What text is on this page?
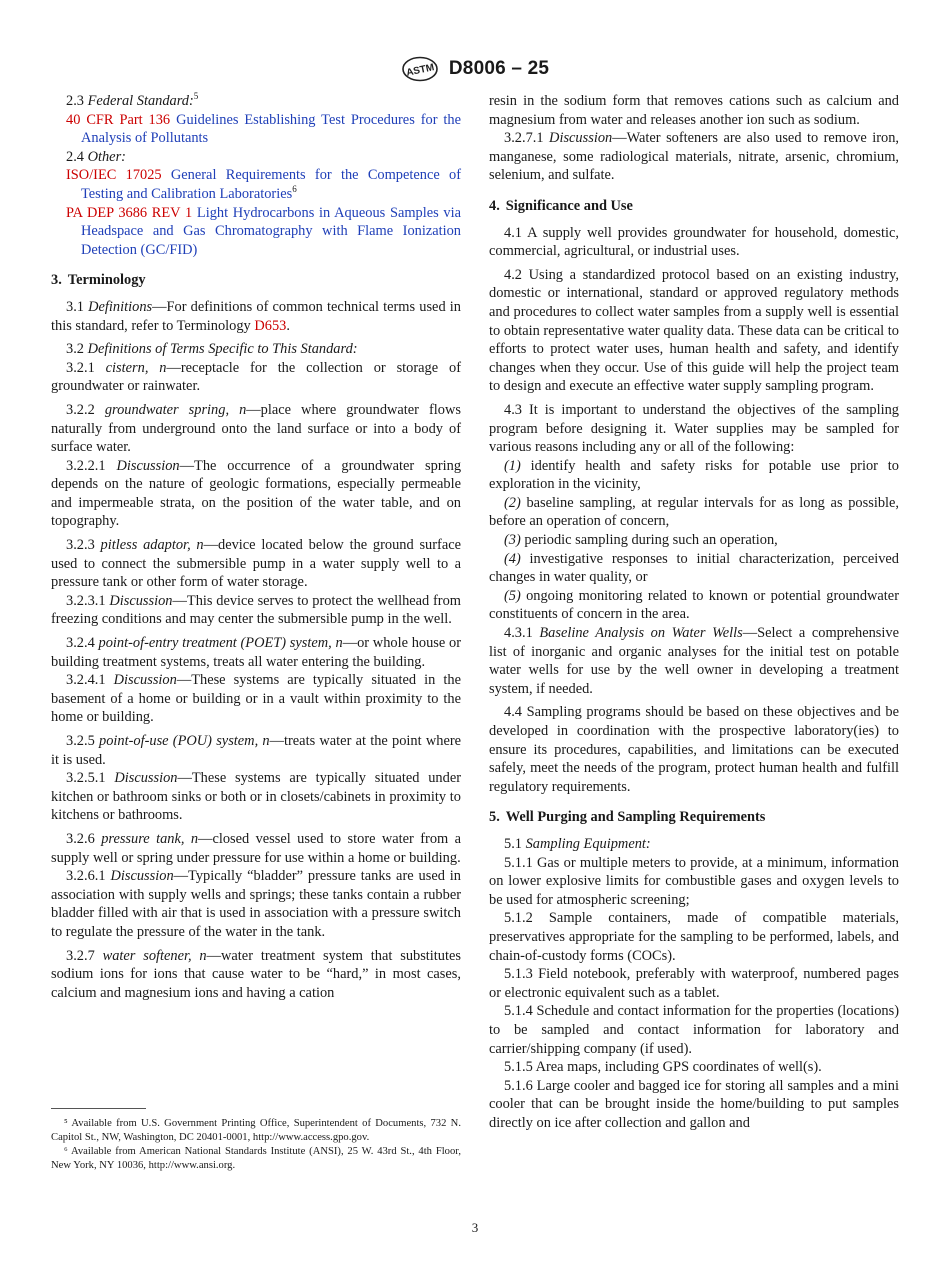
ASTM D8006 – 25

2.3 Federal Standard:$^5$

40 CFR Part 136 Guidelines Establishing Test Procedures for the Analysis of Pollutants

2.4 Other:

ISO/IEC 17025 General Requirements for the Competence of Testing and Calibration Laboratories$^6$

PA DEP 3686 REV 1 Light Hydrocarbons in Aqueous Samples via Headspace and Gas Chromatography with Flame Ionization Detection (GC/FID)

3. Terminology

3.1 Definitions—For definitions of common technical terms used in this standard, refer to Terminology D653.

3.2 Definitions of Terms Specific to This Standard:

3.2.1 cistern, n—receptacle for the collection or storage of groundwater or rainwater.

3.2.2 groundwater spring, n—place where groundwater flows naturally from underground onto the land surface or into a body of surface water.

3.2.2.1 Discussion—The occurrence of a groundwater spring depends on the nature of geologic formations, especially permeable and impermeable strata, on the position of the water table, and on topography.

3.2.3 pitless adaptor, n—device located below the ground surface used to connect the submersible pump in a water supply well to a pressure tank or other form of water storage.

3.2.3.1 Discussion—This device serves to protect the wellhead from freezing conditions and may center the submersible pump in the well.

3.2.4 point-of-entry treatment (POET) system, n—or whole house or building treatment systems, treats all water entering the building.

3.2.4.1 Discussion—These systems are typically situated in the basement of a home or building or in a vault within proximity to the home or building.

3.2.5 point-of-use (POU) system, n—treats water at the point where it is used.

3.2.5.1 Discussion—These systems are typically situated under kitchen or bathroom sinks or both or in closets/cabinets in proximity to kitchens or bathrooms.

3.2.6 pressure tank, n—closed vessel used to store water from a supply well or spring under pressure for use within a home or building.

3.2.6.1 Discussion—Typically “bladder” pressure tanks are used in association with supply wells and springs; these tanks contain a rubber bladder filled with air that is used in association with a pressure switch to regulate the pressure of the water in the tank.

3.2.7 water softener, n—water treatment system that substitutes sodium ions for ions that cause water to be “hard,” in most cases, calcium and magnesium ions and having a cation

resin in the sodium form that removes cations such as calcium and magnesium from water and releases another ion such as sodium.

3.2.7.1 Discussion—Water softeners are also used to remove iron, manganese, some radiological materials, nitrate, arsenic, chromium, selenium, and sulfate.

4. Significance and Use

4.1 A supply well provides groundwater for household, domestic, commercial, agricultural, or industrial uses.

4.2 Using a standardized protocol based on an existing industry, domestic or international, standard or approved regulatory methods and procedures to collect water samples from a supply well is essential to obtain representative water quality data. These data can be critical to efforts to protect water uses, human health and safety, and identify changes when they occur. Use of this guide will help the project team to design and execute an effective water supply sampling program.

4.3 It is important to understand the objectives of the sampling program before designing it. Water supplies may be sampled for various reasons including any or all of the following:

(1) identify health and safety risks for potable use prior to exploration in the vicinity,

(2) baseline sampling, at regular intervals for as long as possible, before an operation of concern,

(3) periodic sampling during such an operation,

(4) investigative responses to initial characterization, perceived changes in water quality, or

(5) ongoing monitoring related to known or potential groundwater constituents of concern in the area.

4.3.1 Baseline Analysis on Water Wells—Select a comprehensive list of inorganic and organic analyses for the initial test on potable water wells for use by the well owner in developing a treatment system, if needed.

4.4 Sampling programs should be based on these objectives and be developed in coordination with the prospective laboratory(ies) to ensure its procedures, capabilities, and limitations can be executed safely, meet the needs of the program, protect human health and fulfill regulatory requirements.

5. Well Purging and Sampling Requirements

5.1 Sampling Equipment:

5.1.1 Gas or multiple meters to provide, at a minimum, information on lower explosive limits for combustible gases and oxygen levels to be used for atmospheric screening;

5.1.2 Sample containers, made of compatible materials, preservatives appropriate for the sampling to be performed, labels, and chain-of-custody forms (COCs).

5.1.3 Field notebook, preferably with waterproof, numbered pages or electronic equivalent such as a tablet.

5.1.4 Schedule and contact information for the properties (locations) to be sampled and contact information for laboratory and carrier/shipping company (if used).

5.1.5 Area maps, including GPS coordinates of well(s).

5.1.6 Large cooler and bagged ice for storing all samples and a mini cooler that can be brought inside the home/building to put samples directly on ice after collection and gallon and

⁵ Available from U.S. Government Printing Office, Superintendent of Documents, 732 N. Capitol St., NW, Washington, DC 20401-0001, http://www.access.gpo.gov.

⁶ Available from American National Standards Institute (ANSI), 25 W. 43rd St., 4th Floor, New York, NY 10036, http://www.ansi.org.

3
